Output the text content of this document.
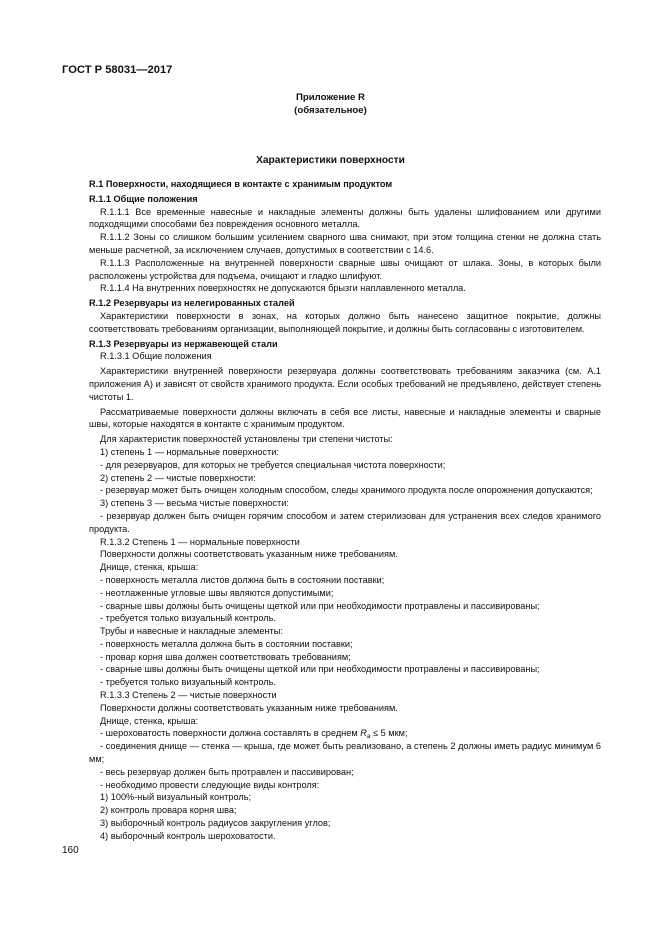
ГОСТ Р 58031—2017
Приложение R
(обязательное)
Характеристики поверхности

R.1 Поверхности, находящиеся в контакте с хранимым продуктом

R.1.1 Общие положения

R.1.1.1 Все временные навесные и накладные элементы должны быть удалены шлифованием или другими подходящими способами без повреждения основного металла.

R.1.1.2 Зоны со слишком большим усилением сварного шва снимают, при этом толщина стенки не должна стать меньше расчетной, за исключением случаев, допустимых в соответствии с 14.6.

R.1.1.3 Расположенные на внутренней поверхности сварные швы очищают от шлака. Зоны, в которых были расположены устройства для подъема, очищают и гладко шлифуют.

R.1.1.4 На внутренних поверхностях не допускаются брызги наплавленного металла.

R.1.2 Резервуары из нелегированных сталей

Характеристики поверхности в зонах, на которых должно быть нанесено защитное покрытие, должны соответствовать требованиям организации, выполняющей покрытие, и должны быть согласованы с изготовителем.

R.1.3 Резервуары из нержавеющей стали

R.1.3.1 Общие положения

Характеристики внутренней поверхности резервуара должны соответствовать требованиям заказчика (см. А.1 приложения А) и зависят от свойств хранимого продукта. Если особых требований не предъявлено, действует степень чистоты 1.

Рассматриваемые поверхности должны включать в себя все листы, навесные и накладные элементы и сварные швы, которые находятся в контакте с хранимым продуктом.

Для характеристик поверхностей установлены три степени чистоты:

1) степень 1 — нормальные поверхности:

- для резервуаров, для которых не требуется специальная чистота поверхности;

2) степень 2 — чистые поверхности:

- резервуар может быть очищен холодным способом, следы хранимого продукта после опорожнения допускаются;

3) степень 3 — весьма чистые поверхности:

- резервуар должен быть очищен горячим способом и затем стерилизован для устранения всех следов хранимого продукта.

R.1.3.2 Степень 1 — нормальные поверхности

Поверхности должны соответствовать указанным ниже требованиям.

Днище, стенка, крыша:

- поверхность металла листов должна быть в состоянии поставки;

- неотлаженные угловые швы являются допустимыми;

- сварные швы должны быть очищены щеткой или при необходимости протравлены и пассивированы;

- требуется только визуальный контроль.

Трубы и навесные и накладные элементы:

- поверхность металла должна быть в состоянии поставки;

- провар корня шва должен соответствовать требованиям;

- сварные швы должны быть очищены щеткой или при необходимости протравлены и пассивированы;

- требуется только визуальный контроль.

R.1.3.3 Степень 2 — чистые поверхности

Поверхности должны соответствовать указанным ниже требованиям.

Днище, стенка, крыша:

- шероховатость поверхности должна составлять в среднем $R_a \le 5$ мкм;

- соединения днище — стенка — крыша, где может быть реализовано, а степень 2 должны иметь радиус минимум 6 мм;

- весь резервуар должен быть протравлен и пассивирован;

- необходимо провести следующие виды контроля:

1) 100%-ный визуальный контроль;

2) контроль провара корня шва;

3) выборочный контроль радиусов закругления углов;

4) выборочный контроль шероховатости.

160
